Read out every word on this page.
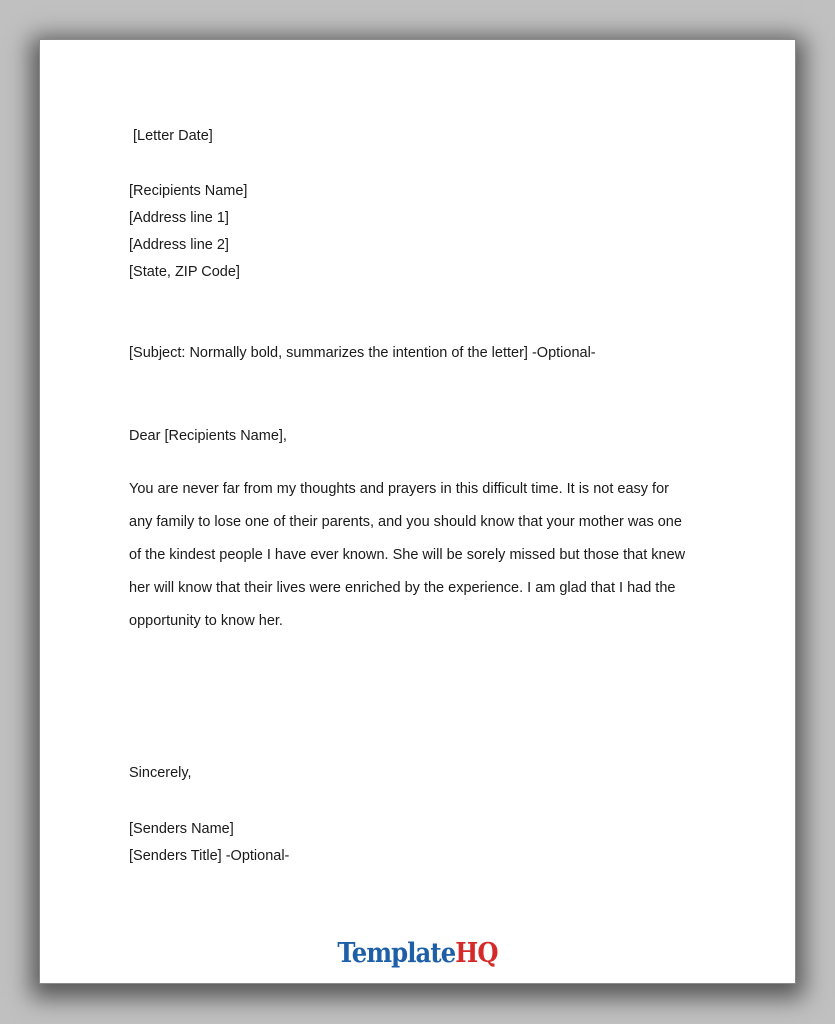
[Letter Date]
[Recipients Name]
[Address line 1]
[Address line 2]
[State, ZIP Code]
[Subject: Normally bold, summarizes the intention of the letter] -Optional-
Dear [Recipients Name],
You are never far from my thoughts and prayers in this difficult time. It is not easy for
any family to lose one of their parents, and you should know that your mother was one
of the kindest people I have ever known. She will be sorely missed but those that knew
her will know that their lives were enriched by the experience. I am glad that I had the
opportunity to know her.
Sincerely,
[Senders Name]
[Senders Title] -Optional-
TemplateHQ
